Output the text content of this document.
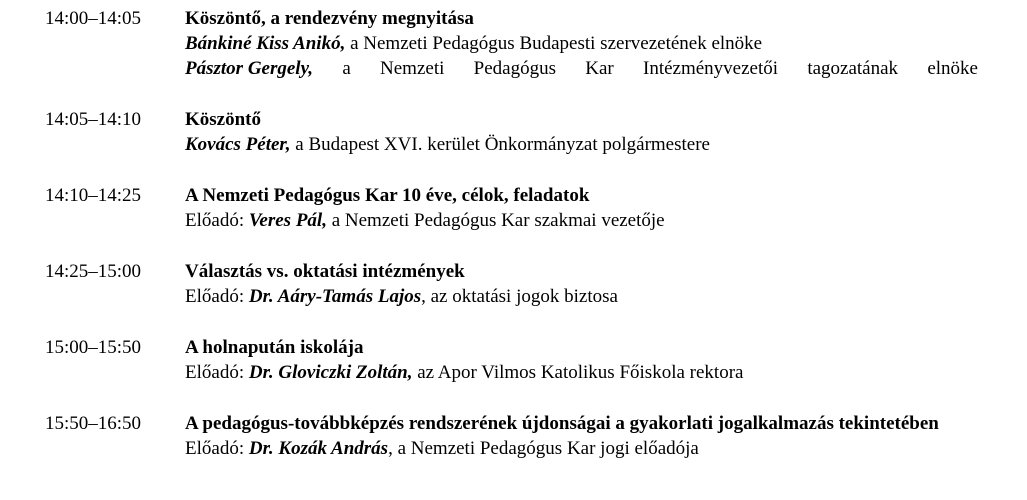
14:00–14:05	Köszöntő, a rendezvény megnyitása
Bánkiné Kiss Anikó, a Nemzeti Pedagógus Budapesti szervezetének elnöke
Pásztor Gergely, a Nemzeti Pedagógus Kar Intézményvezetői tagozatának elnöke
14:05–14:10	Köszöntő
Kovács Péter, a Budapest XVI. kerület Önkormányzat polgármestere
14:10–14:25	A Nemzeti Pedagógus Kar 10 éve, célok, feladatok
Előadó: Veres Pál, a Nemzeti Pedagógus Kar szakmai vezetője
14:25–15:00	Választás vs. oktatási intézmények
Előadó: Dr. Aáry-Tamás Lajos, az oktatási jogok biztosa
15:00–15:50	A holnapután iskolája
Előadó: Dr. Gloviczki Zoltán, az Apor Vilmos Katolikus Főiskola rektora
15:50–16:50	A pedagógus-továbbképzés rendszerének újdonságai a gyakorlati jogalkalmazás tekintetében
Előadó: Dr. Kozák András, a Nemzeti Pedagógus Kar jogi előadója
